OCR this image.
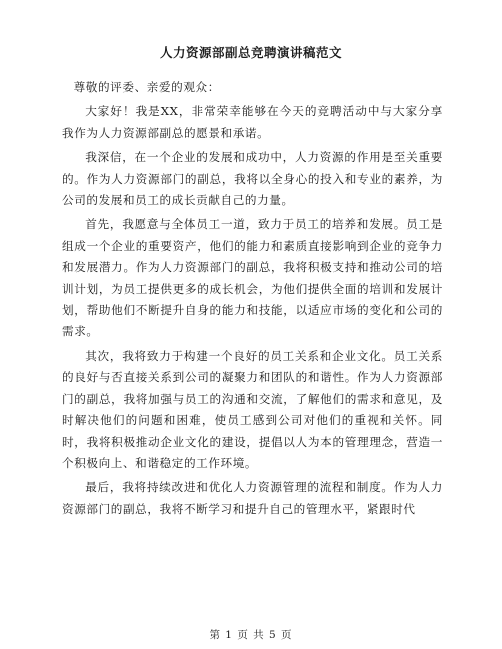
人力资源部副总竞聘演讲稿范文

尊敬的评委、亲爱的观众：

大家好！我是XX，非常荣幸能够在今天的竞聘活动中与大家分享我作为人力资源部副总的愿景和承诺。

我深信，在一个企业的发展和成功中，人力资源的作用是至关重要的。作为人力资源部门的副总，我将以全身心的投入和专业的素养，为公司的发展和员工的成长贡献自己的力量。

首先，我愿意与全体员工一道，致力于员工的培养和发展。员工是组成一个企业的重要资产，他们的能力和素质直接影响到企业的竞争力和发展潜力。作为人力资源部门的副总，我将积极支持和推动公司的培训计划，为员工提供更多的成长机会，为他们提供全面的培训和发展计划，帮助他们不断提升自身的能力和技能，以适应市场的变化和公司的需求。

其次，我将致力于构建一个良好的员工关系和企业文化。员工关系的良好与否直接关系到公司的凝聚力和团队的和谐性。作为人力资源部门的副总，我将加强与员工的沟通和交流，了解他们的需求和意见，及时解决他们的问题和困难，使员工感到公司对他们的重视和关怀。同时，我将积极推动企业文化的建设，提倡以人为本的管理理念，营造一个积极向上、和谐稳定的工作环境。

最后，我将持续改进和优化人力资源管理的流程和制度。作为人力资源部门的副总，我将不断学习和提升自己的管理水平，紧跟时代

第 1 页 共 5 页
